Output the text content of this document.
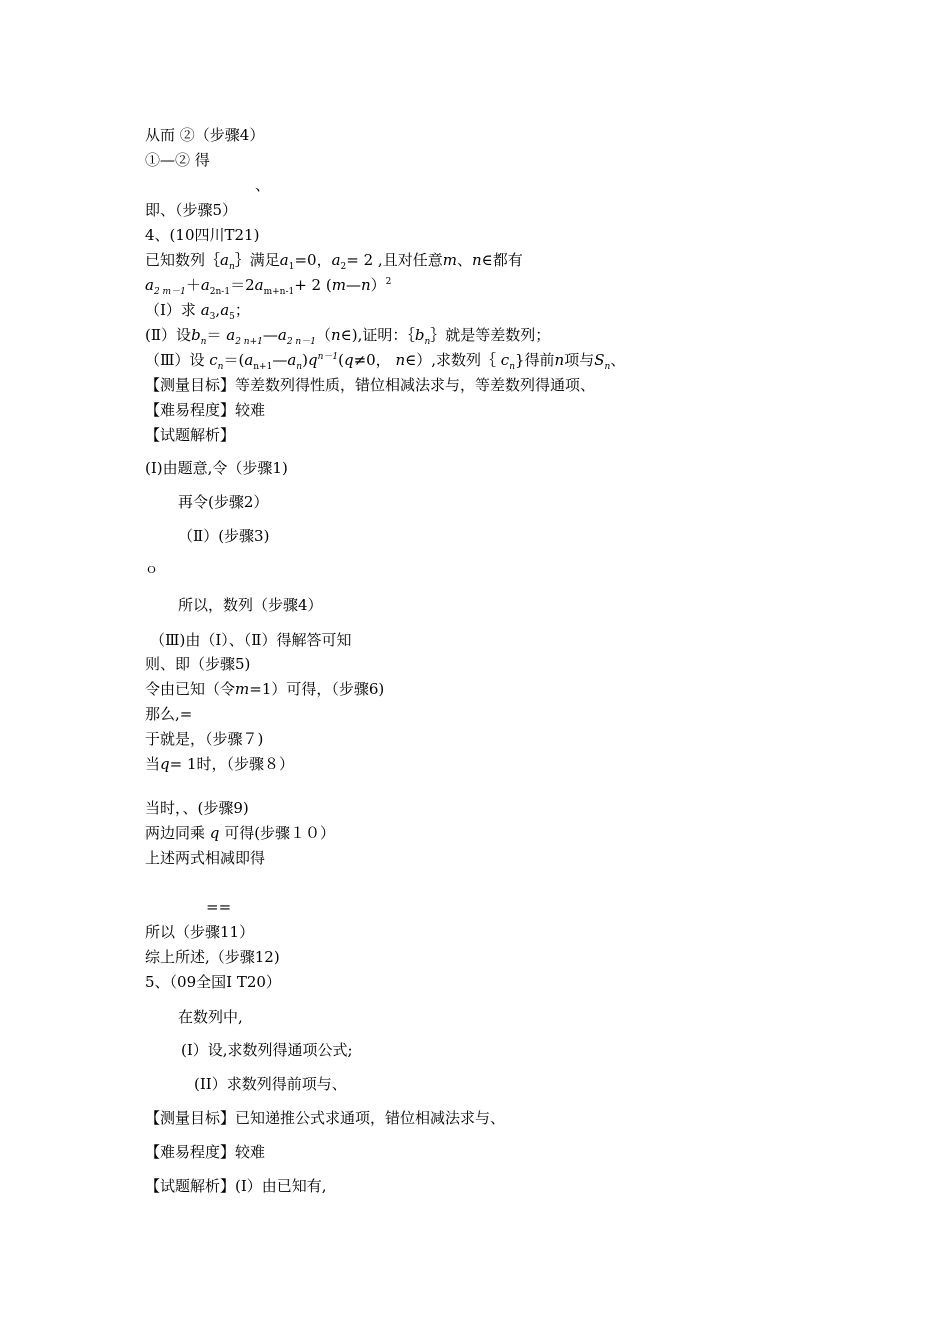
从而 ②（步骤4）
①—② 得
、
即、（步骤5）
4、(10四川T21)
已知数列$\{a_n\}$满足$a_1=0$，$a_2= 2$ ,且对任意m、n∈都有
$a_{2 m-1}+a_{2n-1}=2a_{m+n-1}+ 2$ (m—n）$^2$
（Ⅰ）求 $a_3,a_5$；
(Ⅱ）设$b_n=$ $a_{2 n+1}—a_{2 n-1}(n\in)$,证明：$\{b_n\}$就是等差数列；
（Ⅲ）设 $c_n=(a_{n+1}—a_n)q^{n-1}(q\ne 0$， n∈）,求数列｛ $c_n$}得前n项与$S_n$、
【测量目标】等差数列得性质，错位相减法求与，等差数列得通项、
【难易程度】较难
【试题解析】
(Ⅰ)由题意,令（步骤1)
再令(步骤2）
（Ⅱ）(步骤3)
ｏ
所以，数列（步骤4）
（Ⅲ)由（Ⅰ）、（Ⅱ）得解答可知
则、即（步骤5)
令由已知（令m=1）可得，（步骤6)
那么,=
于就是，（步骤７)
当q= 1时，（步骤８）
当时，、(步骤9)
两边同乘 q 可得(步骤１０）
上述两式相减即得
==
所以（步骤11）
综上所述,（步骤12)
5、（09全国I T20）
在数列中,
(Ⅰ）设,求数列得通项公式;
(ⅠI）求数列得前项与、
【测量目标】已知递推公式求通项，错位相减法求与、
【难易程度】较难
【试题解析】(I）由已知有,
